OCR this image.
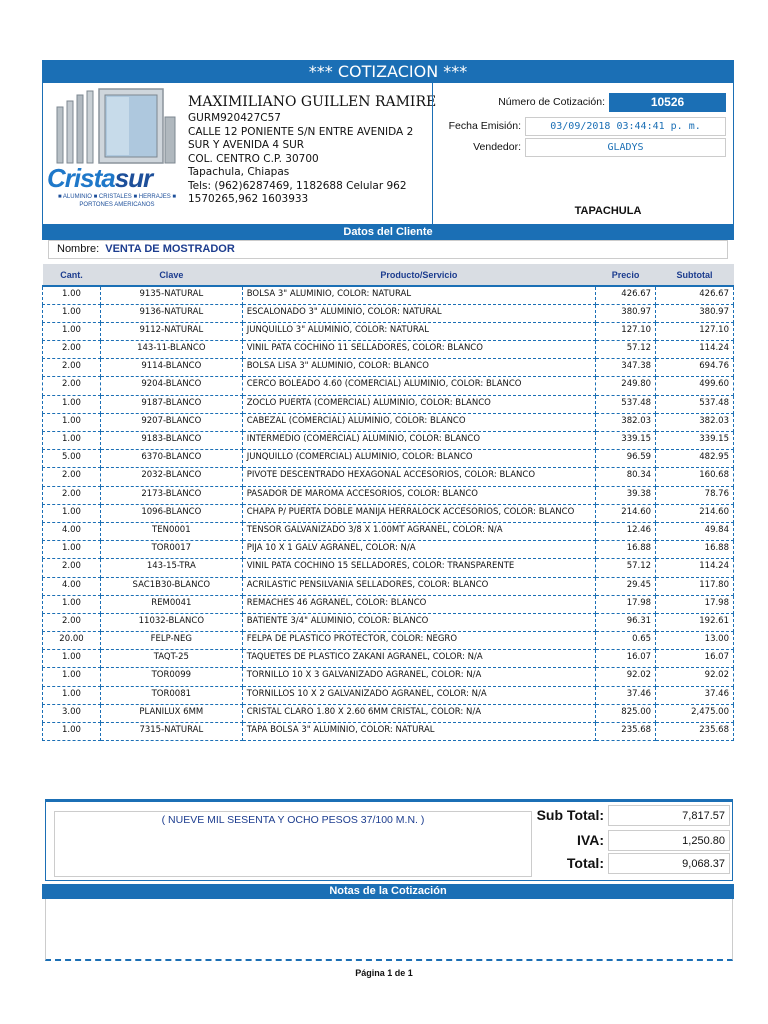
*** COTIZACION ***
Cristasur
■ ALUMINIO ■ CRISTALES ■ HERRAJES ■ PORTONES AMERICANOS
MAXIMILIANO GUILLEN RAMIRE
GURM920427C57
CALLE 12 PONIENTE S/N ENTRE AVENIDA 2 SUR Y AVENIDA 4 SUR
COL. CENTRO C.P. 30700
Tapachula, Chiapas
Tels: (962)6287469, 1182688 Celular 962 1570265,962 1603933
Número de Cotización:	10526
Fecha Emisión:	03/09/2018 03:44:41 p. m.
Vendedor:	GLADYS
TAPACHULA
Datos del Cliente
Nombre: VENTA DE MOSTRADOR
Cant.	Clave	Producto/Servicio	Precio	Subtotal
1.00	9135-NATURAL	BOLSA 3" ALUMINIO, COLOR: NATURAL	426.67	426.67
1.00	9136-NATURAL	ESCALONADO 3" ALUMINIO, COLOR: NATURAL	380.97	380.97
1.00	9112-NATURAL	JUNQUILLO 3" ALUMINIO, COLOR: NATURAL	127.10	127.10
2.00	143-11-BLANCO	VINIL PATA COCHINO 11 SELLADORES, COLOR: BLANCO	57.12	114.24
2.00	9114-BLANCO	BOLSA LISA 3" ALUMINIO, COLOR: BLANCO	347.38	694.76
2.00	9204-BLANCO	CERCO BOLEADO 4.60 (COMERCIAL) ALUMINIO, COLOR: BLANCO	249.80	499.60
1.00	9187-BLANCO	ZOCLO PUERTA (COMERCIAL) ALUMINIO, COLOR: BLANCO	537.48	537.48
1.00	9207-BLANCO	CABEZAL (COMERCIAL) ALUMINIO, COLOR: BLANCO	382.03	382.03
1.00	9183-BLANCO	INTERMEDIO (COMERCIAL) ALUMINIO, COLOR: BLANCO	339.15	339.15
5.00	6370-BLANCO	JUNQUILLO (COMERCIAL) ALUMINIO, COLOR: BLANCO	96.59	482.95
2.00	2032-BLANCO	PIVOTE DESCENTRADO HEXAGONAL ACCESORIOS, COLOR: BLANCO	80.34	160.68
2.00	2173-BLANCO	PASADOR DE MAROMA ACCESORIOS, COLOR: BLANCO	39.38	78.76
1.00	1096-BLANCO	CHAPA P/ PUERTA DOBLE MANIJA HERRALOCK ACCESORIOS, COLOR: BLANCO	214.60	214.60
4.00	TEN0001	TENSOR GALVANIZADO 3/8 X 1.00MT AGRANEL, COLOR: N/A	12.46	49.84
1.00	TOR0017	PIJA 10 X 1 GALV AGRANEL, COLOR: N/A	16.88	16.88
2.00	143-15-TRA	VINIL PATA COCHINO 15 SELLADORES, COLOR: TRANSPARENTE	57.12	114.24
4.00	SAC1B30-BLANCO	ACRILASTIC PENSILVANIA SELLADORES, COLOR: BLANCO	29.45	117.80
1.00	REM0041	REMACHES 46 AGRANEL, COLOR: BLANCO	17.98	17.98
2.00	11032-BLANCO	BATIENTE 3/4" ALUMINIO, COLOR: BLANCO	96.31	192.61
20.00	FELP-NEG	FELPA DE PLASTICO PROTECTOR, COLOR: NEGRO	0.65	13.00
1.00	TAQT-25	TAQUETES DE PLASTICO ZAKANI AGRANEL, COLOR: N/A	16.07	16.07
1.00	TOR0099	TORNILLO 10 X 3 GALVANIZADO AGRANEL, COLOR: N/A	92.02	92.02
1.00	TOR0081	TORNILLOS 10 X 2 GALVANIZADO AGRANEL, COLOR: N/A	37.46	37.46
3.00	PLANILUX 6MM	CRISTAL CLARO 1.80 X 2.60 6MM CRISTAL, COLOR: N/A	825.00	2,475.00
1.00	7315-NATURAL	TAPA BOLSA 3" ALUMINIO, COLOR: NATURAL	235.68	235.68
( NUEVE MIL SESENTA Y OCHO PESOS 37/100 M.N. )	Sub Total:	7,817.57
IVA:	1,250.80
Total:	9,068.37
Notas de la Cotización
Página 1 de 1
